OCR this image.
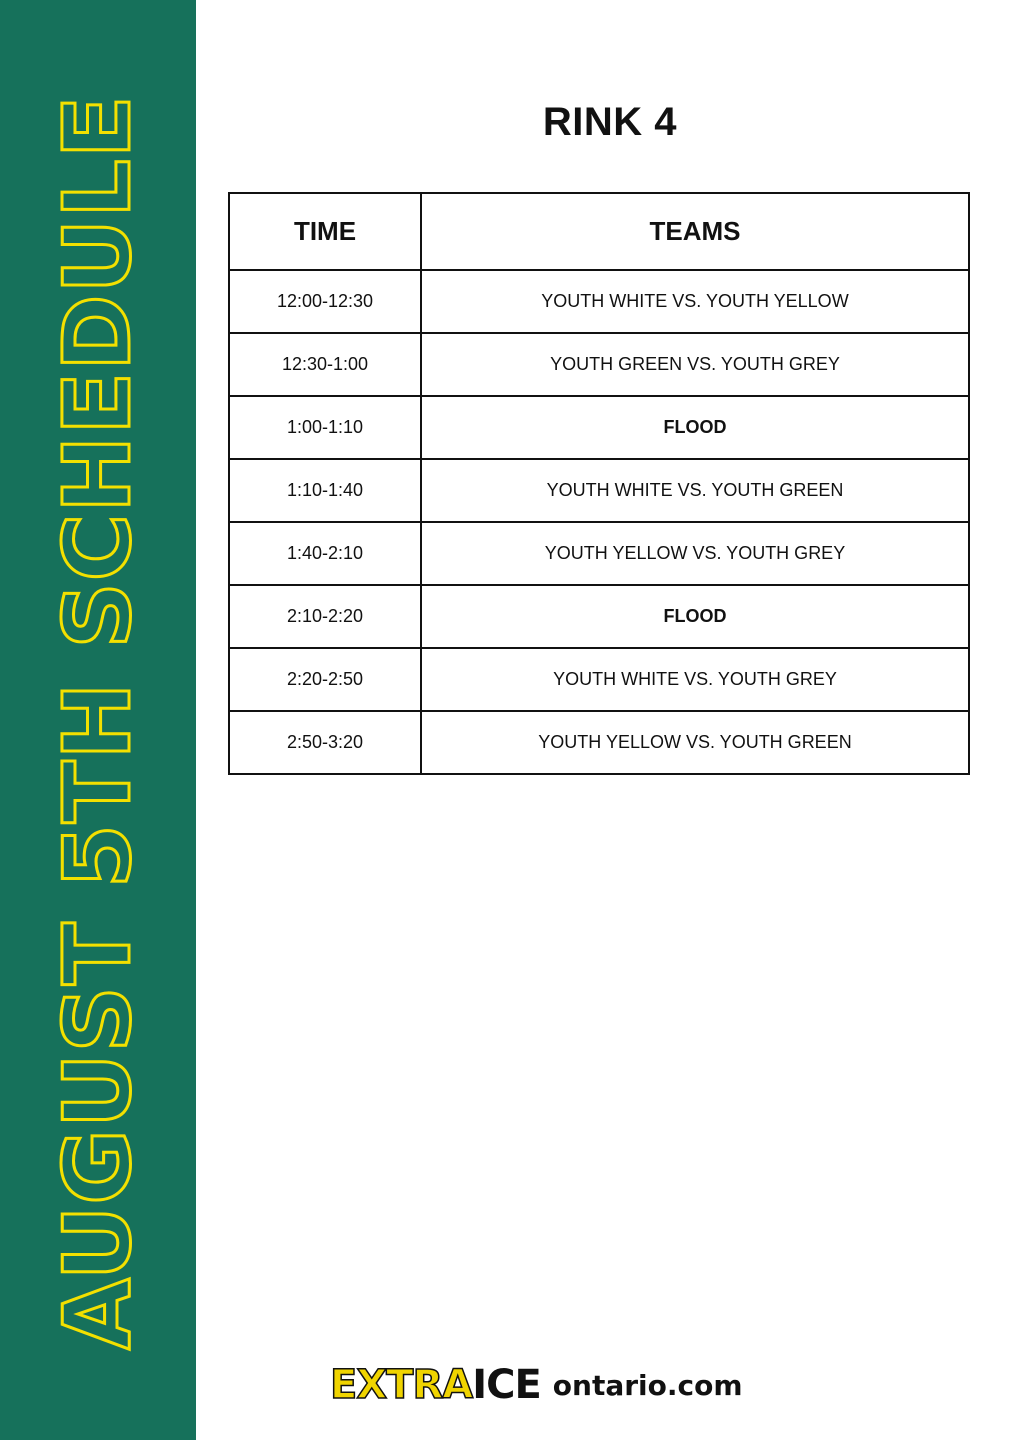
AUGUST 5TH SCHEDULE	RINK 4
TIME	TEAMS
12:00-12:30	YOUTH WHITE VS. YOUTH YELLOW
12:30-1:00	YOUTH GREEN VS. YOUTH GREY
1:00-1:10	FLOOD
1:10-1:40	YOUTH WHITE VS. YOUTH GREEN
1:40-2:10	YOUTH YELLOW VS. YOUTH GREY
2:10-2:20	FLOOD
2:20-2:50	YOUTH WHITE VS. YOUTH GREY
2:50-3:20	YOUTH YELLOW VS. YOUTH GREEN
EXTRAICE ontario.com
